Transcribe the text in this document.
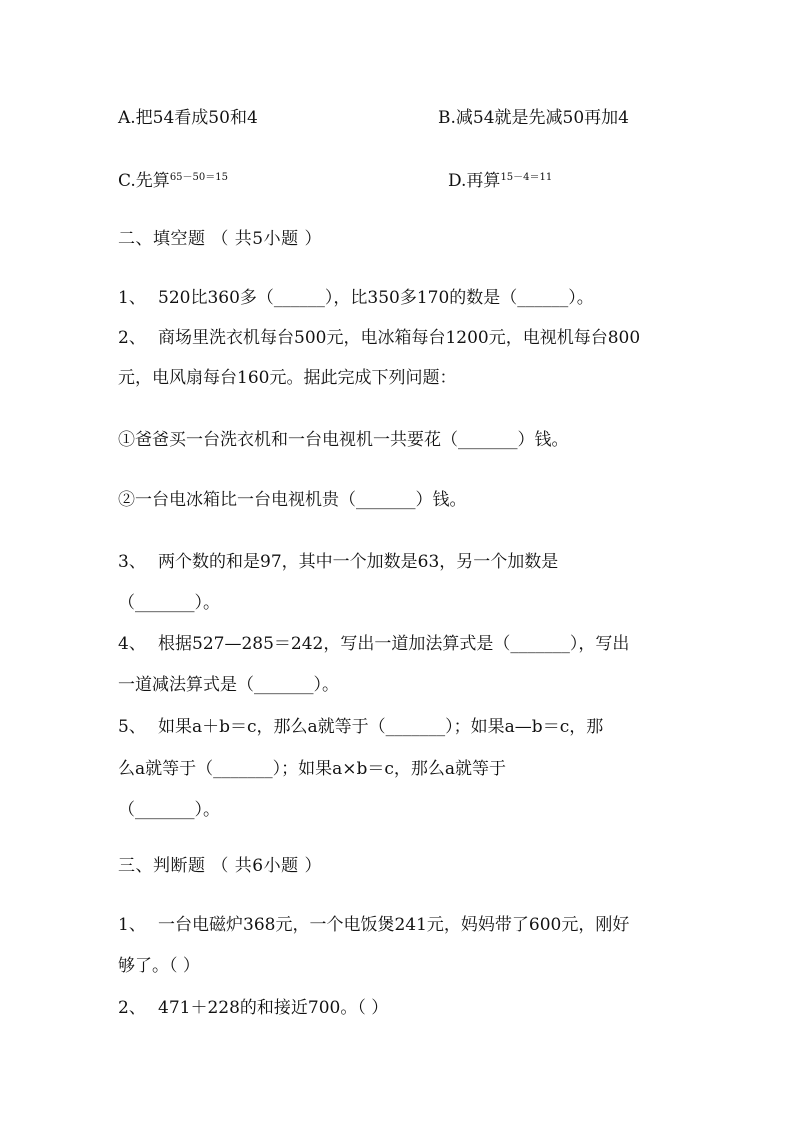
A.把54看成50和4	B.减54就是先减50再加4
C.先算$^{65-50=15}$	D.再算$^{15-4=11}$
二、填空题 （ 共5小题 ）
1、 520比360多（______），比350多170的数是（______）。
2、 商场里洗衣机每台500元，电冰箱每台1200元，电视机每台800
元，电风扇每台160元。据此完成下列问题：
①爸爸买一台洗衣机和一台电视机一共要花（_______）钱。
②一台电冰箱比一台电视机贵（_______）钱。
3、 两个数的和是97，其中一个加数是63，另一个加数是
（_______）。
4、 根据527—285＝242，写出一道加法算式是（_______），写出
一道减法算式是（_______）。
5、 如果a＋b＝c，那么a就等于（_______）；如果a—b＝c，那
么a就等于（_______）；如果a×b＝c，那么a就等于
（_______）。
三、判断题 （ 共6小题 ）
1、 一台电磁炉368元，一个电饭煲241元，妈妈带了600元，刚好
够了。（ ）
2、 471＋228的和接近700。（ ）
